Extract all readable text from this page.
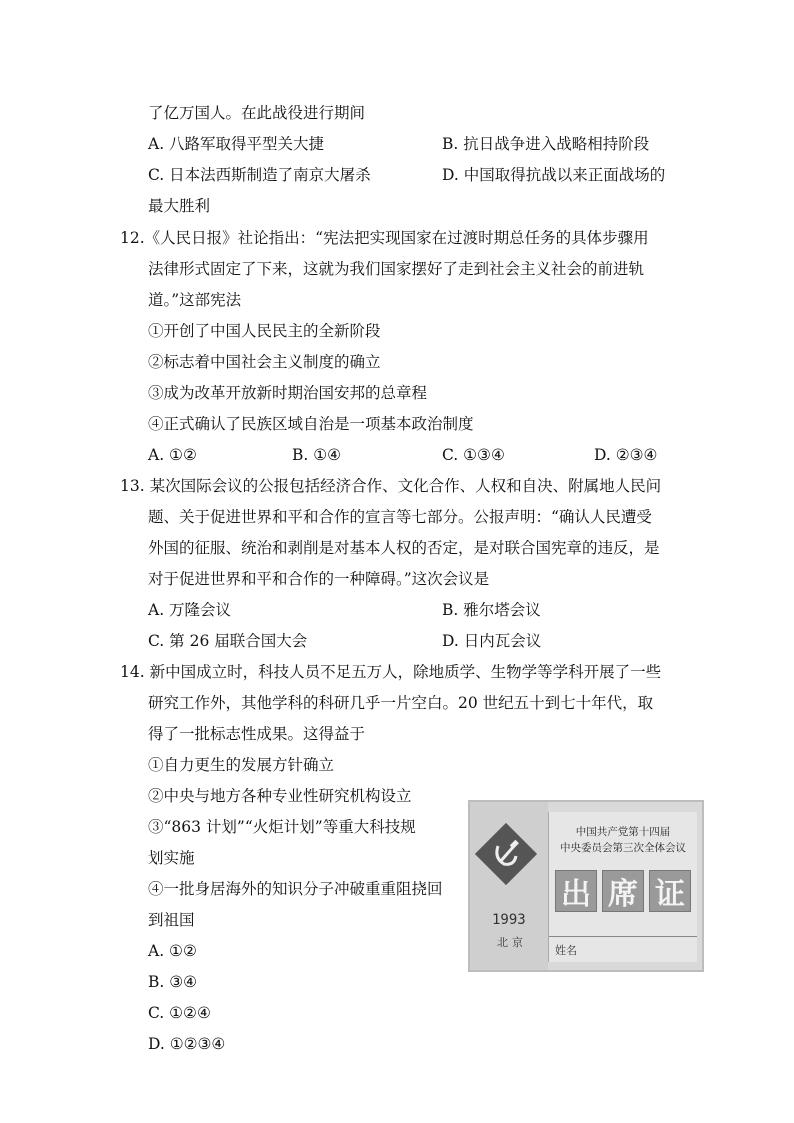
了亿万国人。在此战役进行期间
A. 八路军取得平型关大捷	B. 抗日战争进入战略相持阶段
C. 日本法西斯制造了南京大屠杀	D. 中国取得抗战以来正面战场的
最大胜利
12.《人民日报》社论指出：“宪法把实现国家在过渡时期总任务的具体步骤用
法律形式固定了下来，这就为我们国家摆好了走到社会主义社会的前进轨
道。”这部宪法
①开创了中国人民民主的全新阶段
②标志着中国社会主义制度的确立
③成为改革开放新时期治国安邦的总章程
④正式确认了民族区域自治是一项基本政治制度
A. ①②	B. ①④	C. ①③④	D. ②③④
13. 某次国际会议的公报包括经济合作、文化合作、人权和自决、附属地人民问
题、关于促进世界和平和合作的宣言等七部分。公报声明：“确认人民遭受
外国的征服、统治和剥削是对基本人权的否定，是对联合国宪章的违反，是
对于促进世界和平和合作的一种障碍。”这次会议是
A. 万隆会议	B. 雅尔塔会议
C. 第 26 届联合国大会	D. 日内瓦会议
14. 新中国成立时，科技人员不足五万人，除地质学、生物学等学科开展了一些
研究工作外，其他学科的科研几乎一片空白。20 世纪五十到七十年代，取
得了一批标志性成果。这得益于
①自力更生的发展方针确立
②中央与地方各种专业性研究机构设立
③“863 计划”“火炬计划”等重大科技规
划实施
④一批身居海外的知识分子冲破重重阻挠回
到祖国
A. ①②
B. ③④
C. ①②④
D. ①②③④
1993
北京
中国共产党第十四届
中央委员会第三次全体会议
出 席 证
姓名
